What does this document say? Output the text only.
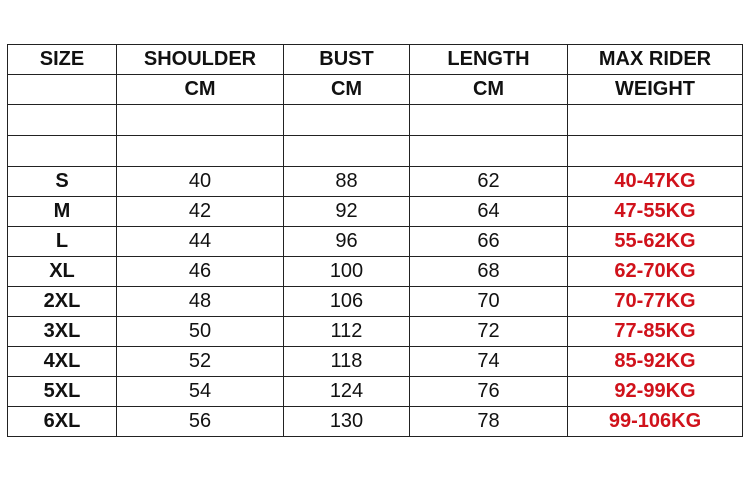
SIZE	SHOULDER	BUST	LENGTH	MAX RIDER
	CM	CM	CM	WEIGHT

S	40	88	62	40-47KG
M	42	92	64	47-55KG
L	44	96	66	55-62KG
XL	46	100	68	62-70KG
2XL	48	106	70	70-77KG
3XL	50	112	72	77-85KG
4XL	52	118	74	85-92KG
5XL	54	124	76	92-99KG
6XL	56	130	78	99-106KG
